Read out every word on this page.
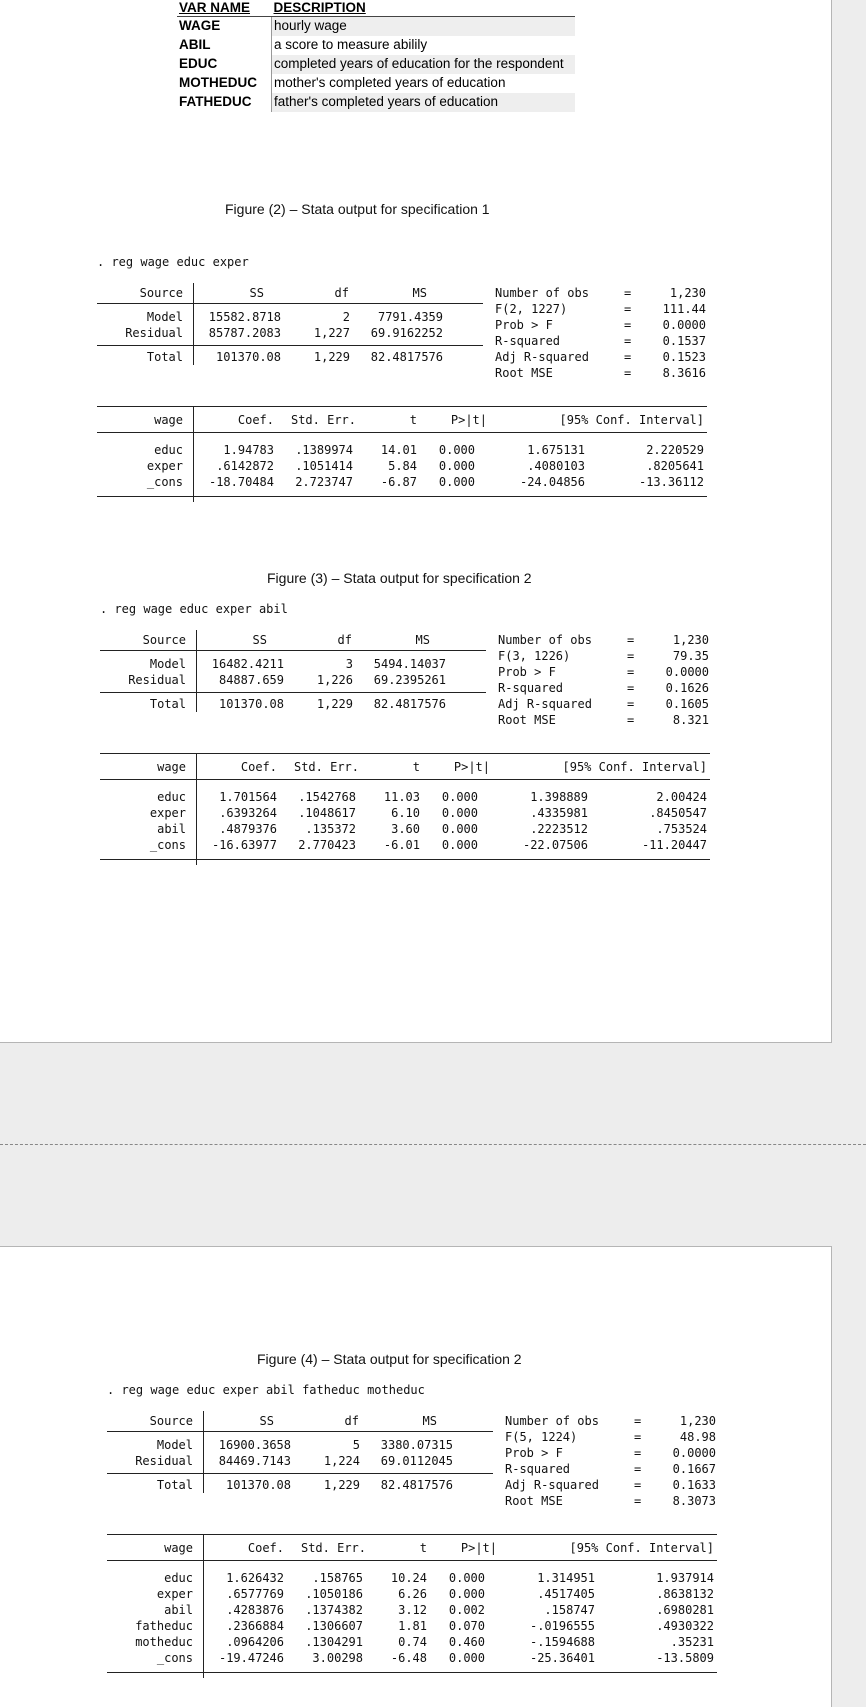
VAR NAME	DESCRIPTION
WAGE	hourly wage
ABIL	a score to measure abilily
EDUC	completed years of education for the respondent
MOTHEDUC	mother's completed years of education
FATHEDUC	father's completed years of education
Figure (2) – Stata output for specification 1
. reg wage educ exper
Source	SS	df	MS
Model	15582.8718	2	7791.4359
Residual	85787.2083	1,227	69.9162252
Total	101370.08	1,229	82.4817576
Number of obs	=	1,230
F(2, 1227)	=	111.44
Prob > F	=	0.0000
R-squared	=	0.1537
Adj R-squared	=	0.1523
Root MSE	=	8.3616
wage	Coef.	Std. Err.	t	P>|t|	[95% Conf. Interval]
educ	1.94783	.1389974	14.01	0.000	1.675131	2.220529
exper	.6142872	.1051414	5.84	0.000	.4080103	.8205641
_cons	-18.70484	2.723747	-6.87	0.000	-24.04856	-13.36112
Figure (3) – Stata output for specification 2
. reg wage educ exper abil
Source	SS	df	MS
Model	16482.4211	3	5494.14037
Residual	84887.659	1,226	69.2395261
Total	101370.08	1,229	82.4817576
Number of obs	=	1,230
F(3, 1226)	=	79.35
Prob > F	=	0.0000
R-squared	=	0.1626
Adj R-squared	=	0.1605
Root MSE	=	8.321
wage	Coef.	Std. Err.	t	P>|t|	[95% Conf. Interval]
educ	1.701564	.1542768	11.03	0.000	1.398889	2.00424
exper	.6393264	.1048617	6.10	0.000	.4335981	.8450547
abil	.4879376	.135372	3.60	0.000	.2223512	.753524
_cons	-16.63977	2.770423	-6.01	0.000	-22.07506	-11.20447
Figure (4) – Stata output for specification 2
. reg wage educ exper abil fatheduc motheduc
Source	SS	df	MS
Model	16900.3658	5	3380.07315
Residual	84469.7143	1,224	69.0112045
Total	101370.08	1,229	82.4817576
Number of obs	=	1,230
F(5, 1224)	=	48.98
Prob > F	=	0.0000
R-squared	=	0.1667
Adj R-squared	=	0.1633
Root MSE	=	8.3073
wage	Coef.	Std. Err.	t	P>|t|	[95% Conf. Interval]
educ	1.626432	.158765	10.24	0.000	1.314951	1.937914
exper	.6577769	.1050186	6.26	0.000	.4517405	.8638132
abil	.4283876	.1374382	3.12	0.002	.158747	.6980281
fatheduc	.2366884	.1306607	1.81	0.070	-.0196555	.4930322
motheduc	.0964206	.1304291	0.74	0.460	-.1594688	.35231
_cons	-19.47246	3.00298	-6.48	0.000	-25.36401	-13.5809
